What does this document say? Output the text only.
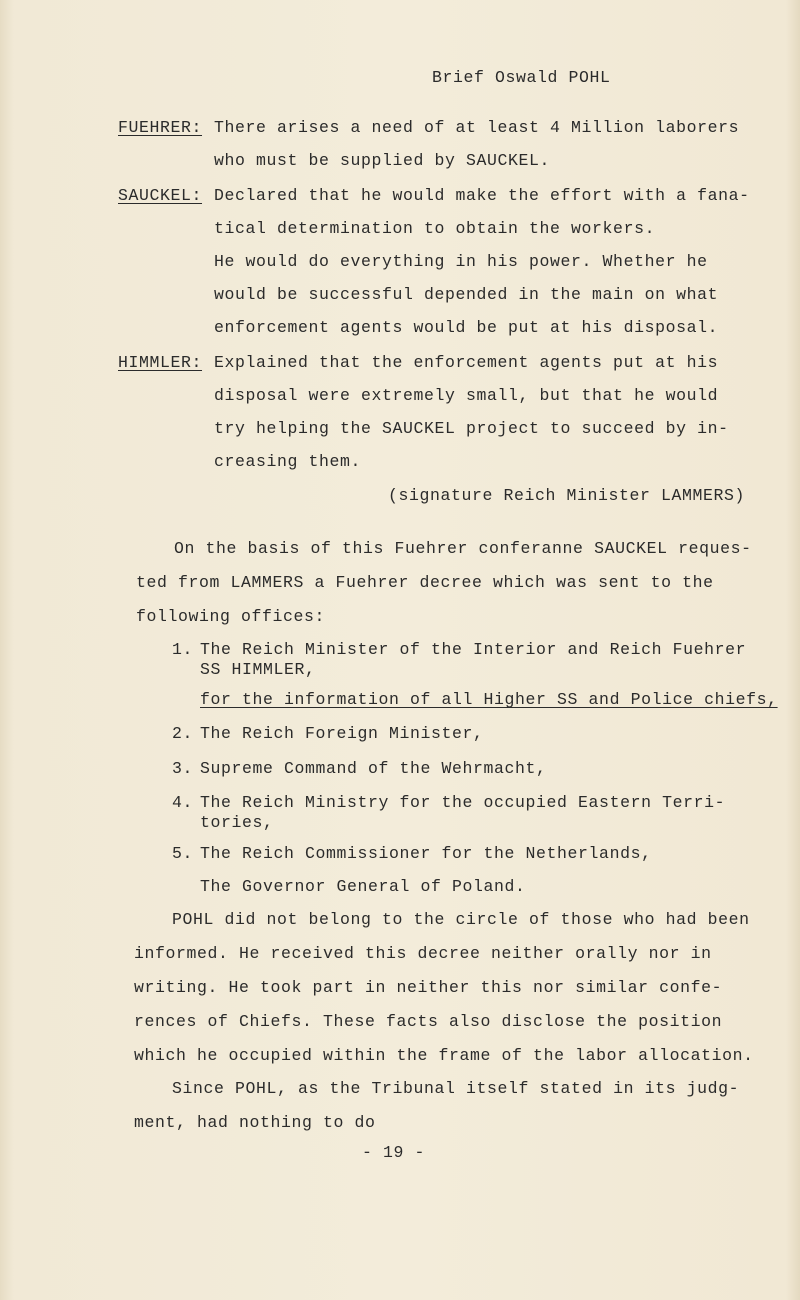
Brief Oswald POHL
FUEHRER: There arises a need of at least 4 Million laborers
who must be supplied by SAUCKEL.
SAUCKEL: Declared that he would make the effort with a fana-
tical determination to obtain the workers.
He would do everything in his power. Whether he
would be successful depended in the main on what
enforcement agents would be put at his disposal.
HIMMLER: Explained that the enforcement agents put at his
disposal were extremely small, but that he would
try helping the SAUCKEL project to succeed by in-
creasing them.
(signature Reich Minister LAMMERS)
On the basis of this Fuehrer conferanne SAUCKEL reques-
ted from LAMMERS a Fuehrer decree which was sent to the
following offices:
1. The Reich Minister of the Interior and Reich Fuehrer
SS HIMMLER,
for the information of all Higher SS and Police chiefs,
2. The Reich Foreign Minister,
3. Supreme Command of the Wehrmacht,
4. The Reich Ministry for the occupied Eastern Terri-
tories,
5. The Reich Commissioner for the Netherlands,
The Governor General of Poland.
POHL did not belong to the circle of those who had been
informed. He received this decree neither orally nor in
writing. He took part in neither this nor similar confe-
rences of Chiefs. These facts also disclose the position
which he occupied within the frame of the labor allocation.
Since POHL, as the Tribunal itself stated in its judg-
ment, had nothing to do
- 19 -
